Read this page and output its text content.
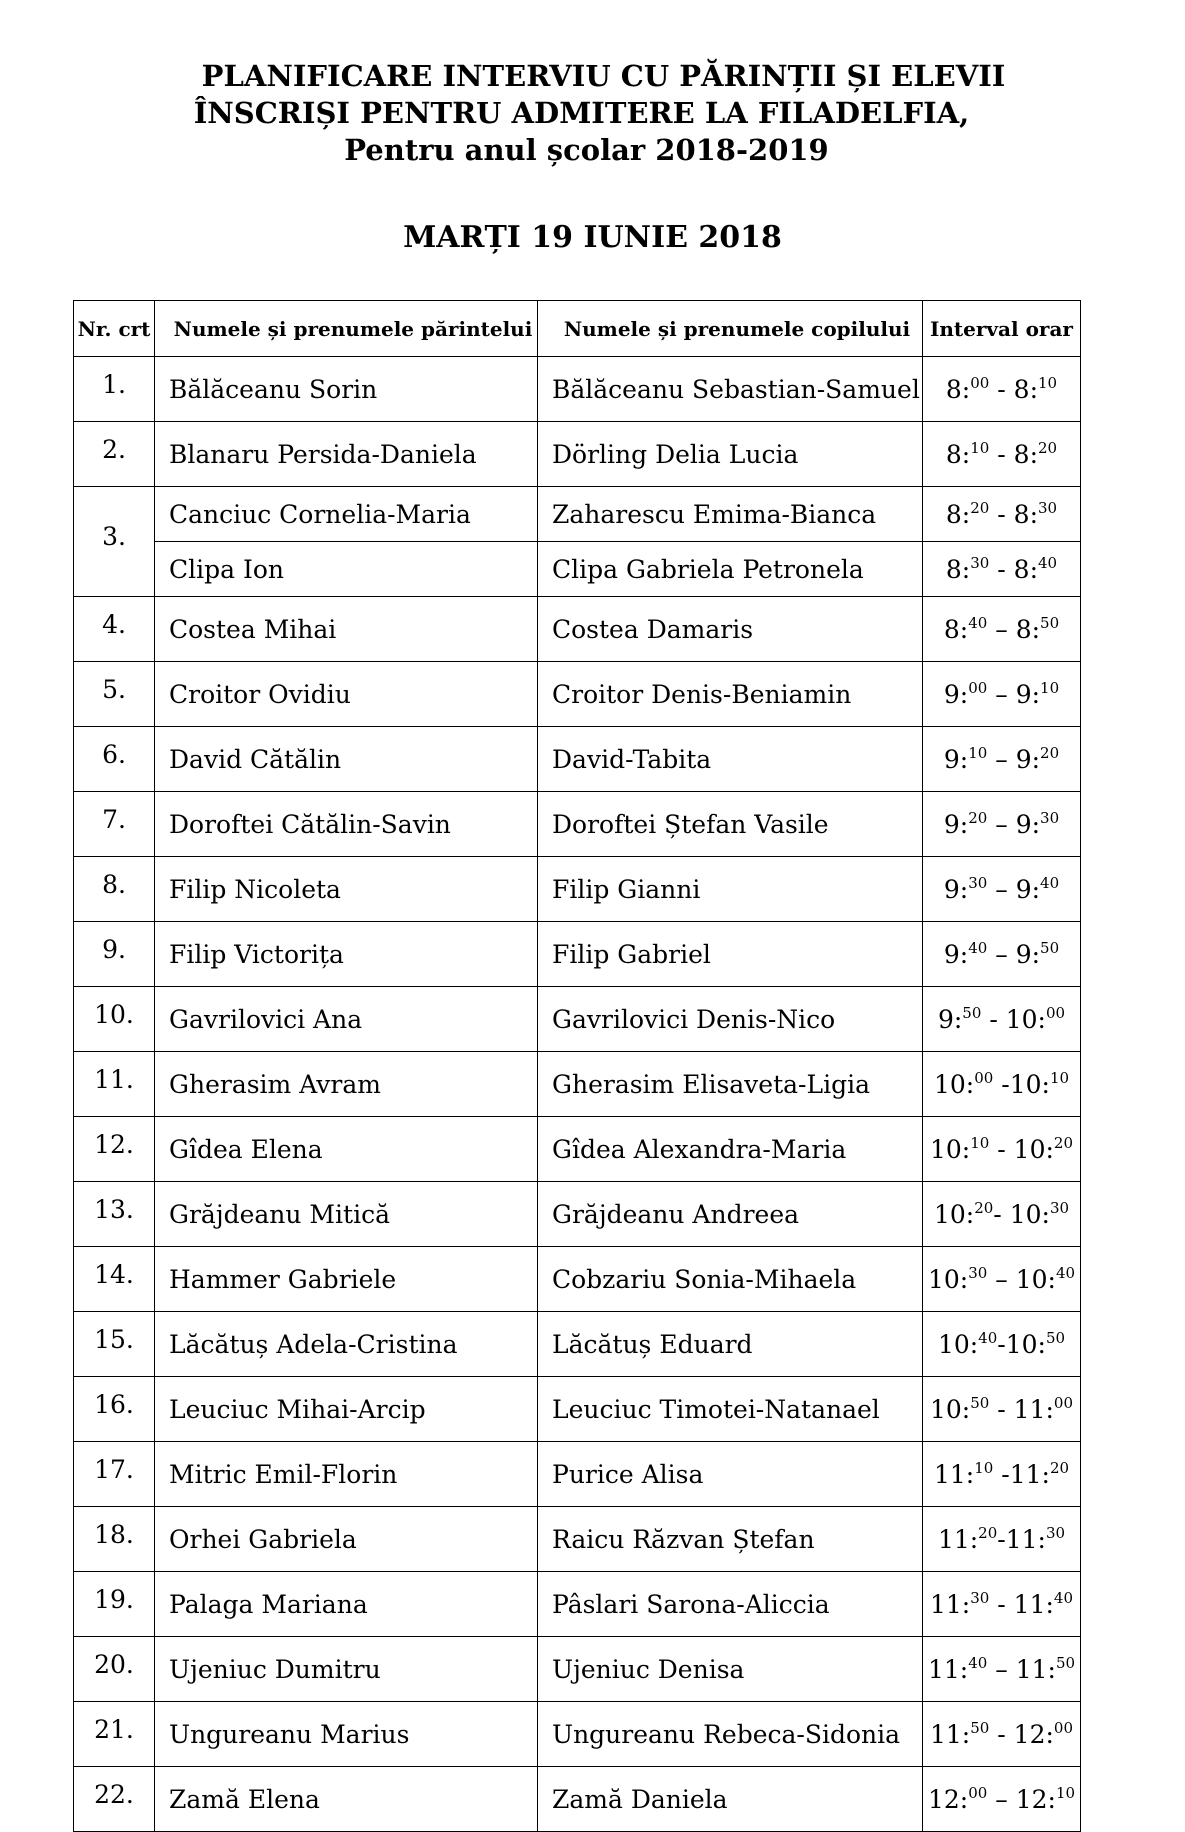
PLANIFICARE INTERVIU CU PĂRINȚII ȘI ELEVII
ÎNSCRIȘI PENTRU ADMITERE LA FILADELFIA,
Pentru anul școlar 2018-2019
MARȚI 19 IUNIE 2018
Nr. crt	Numele și prenumele părintelui	Numele și prenumele copilului	Interval orar
1.	Bălăceanu Sorin	Bălăceanu Sebastian-Samuel	8:$^{00}$ - 8:$^{10}$
2.	Blanaru Persida-Daniela	Dörling Delia Lucia	8:$^{10}$ - 8:$^{20}$
3.	Canciuc Cornelia-Maria	Zaharescu Emima-Bianca	8:$^{20}$ - 8:$^{30}$
	Clipa Ion	Clipa Gabriela Petronela	8:$^{30}$ - 8:$^{40}$
4.	Costea Mihai	Costea Damaris	8:$^{40}$ – 8:$^{50}$
5.	Croitor Ovidiu	Croitor Denis-Beniamin	9:$^{00}$ – 9:$^{10}$
6.	David Cătălin	David-Tabita	9:$^{10}$ – 9:$^{20}$
7.	Doroftei Cătălin-Savin	Doroftei Ștefan Vasile	9:$^{20}$ – 9:$^{30}$
8.	Filip Nicoleta	Filip Gianni	9:$^{30}$ – 9:$^{40}$
9.	Filip Victorița	Filip Gabriel	9:$^{40}$ – 9:$^{50}$
10.	Gavrilovici Ana	Gavrilovici Denis-Nico	9:$^{50}$ - 10:$^{00}$
11.	Gherasim Avram	Gherasim Elisaveta-Ligia	10:$^{00}$ -10:$^{10}$
12.	Gîdea Elena	Gîdea Alexandra-Maria	10:$^{10}$ - 10:$^{20}$
13.	Grăjdeanu Mitică	Grăjdeanu Andreea	10:$^{20}$- 10:$^{30}$
14.	Hammer Gabriele	Cobzariu Sonia-Mihaela	10:$^{30}$ – 10:$^{40}$
15.	Lăcătuș Adela-Cristina	Lăcătuș Eduard	10:$^{40}$-10:$^{50}$
16.	Leuciuc Mihai-Arcip	Leuciuc Timotei-Natanael	10:$^{50}$ - 11:$^{00}$
17.	Mitric Emil-Florin	Purice Alisa	11:$^{10}$ -11:$^{20}$
18.	Orhei Gabriela	Raicu Răzvan Ștefan	11:$^{20}$-11:$^{30}$
19.	Palaga Mariana	Pâslari Sarona-Aliccia	11:$^{30}$ - 11:$^{40}$
20.	Ujeniuc Dumitru	Ujeniuc Denisa	11:$^{40}$ – 11:$^{50}$
21.	Ungureanu Marius	Ungureanu Rebeca-Sidonia	11:$^{50}$ - 12:$^{00}$
22.	Zamă Elena	Zamă Daniela	12:$^{00}$ – 12:$^{10}$
